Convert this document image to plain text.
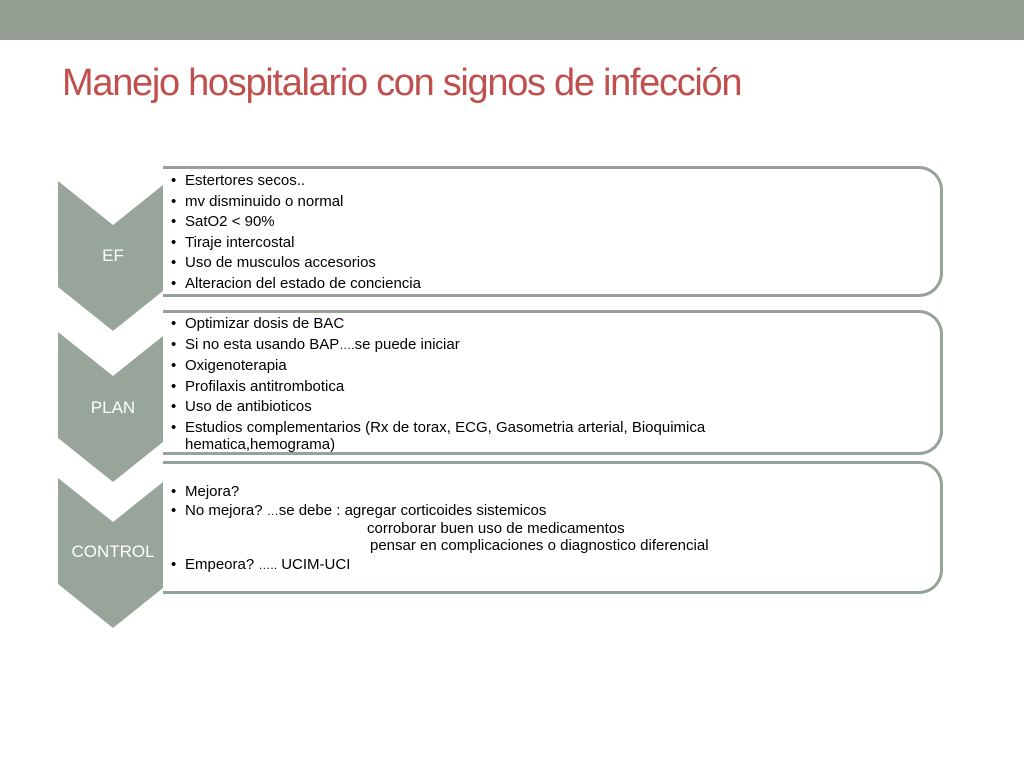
Manejo hospitalario con signos de infección
EF
• Estertores secos..
• mv disminuido o normal
• SatO2 < 90%
• Tiraje intercostal
• Uso de musculos accesorios
• Alteracion del estado de conciencia
PLAN
• Optimizar dosis de BAC
• Si no esta usando BAP….se puede iniciar
• Oxigenoterapia
• Profilaxis antitrombotica
• Uso de antibioticos
• Estudios complementarios (Rx de torax, ECG, Gasometria arterial, Bioquimica hematica,hemograma)
CONTROL
• Mejora?
• No mejora? …se debe : agregar corticoides sistemicos
corroborar buen uso de medicamentos
pensar en complicaciones o diagnostico diferencial
• Empeora? ….. UCIM-UCI
